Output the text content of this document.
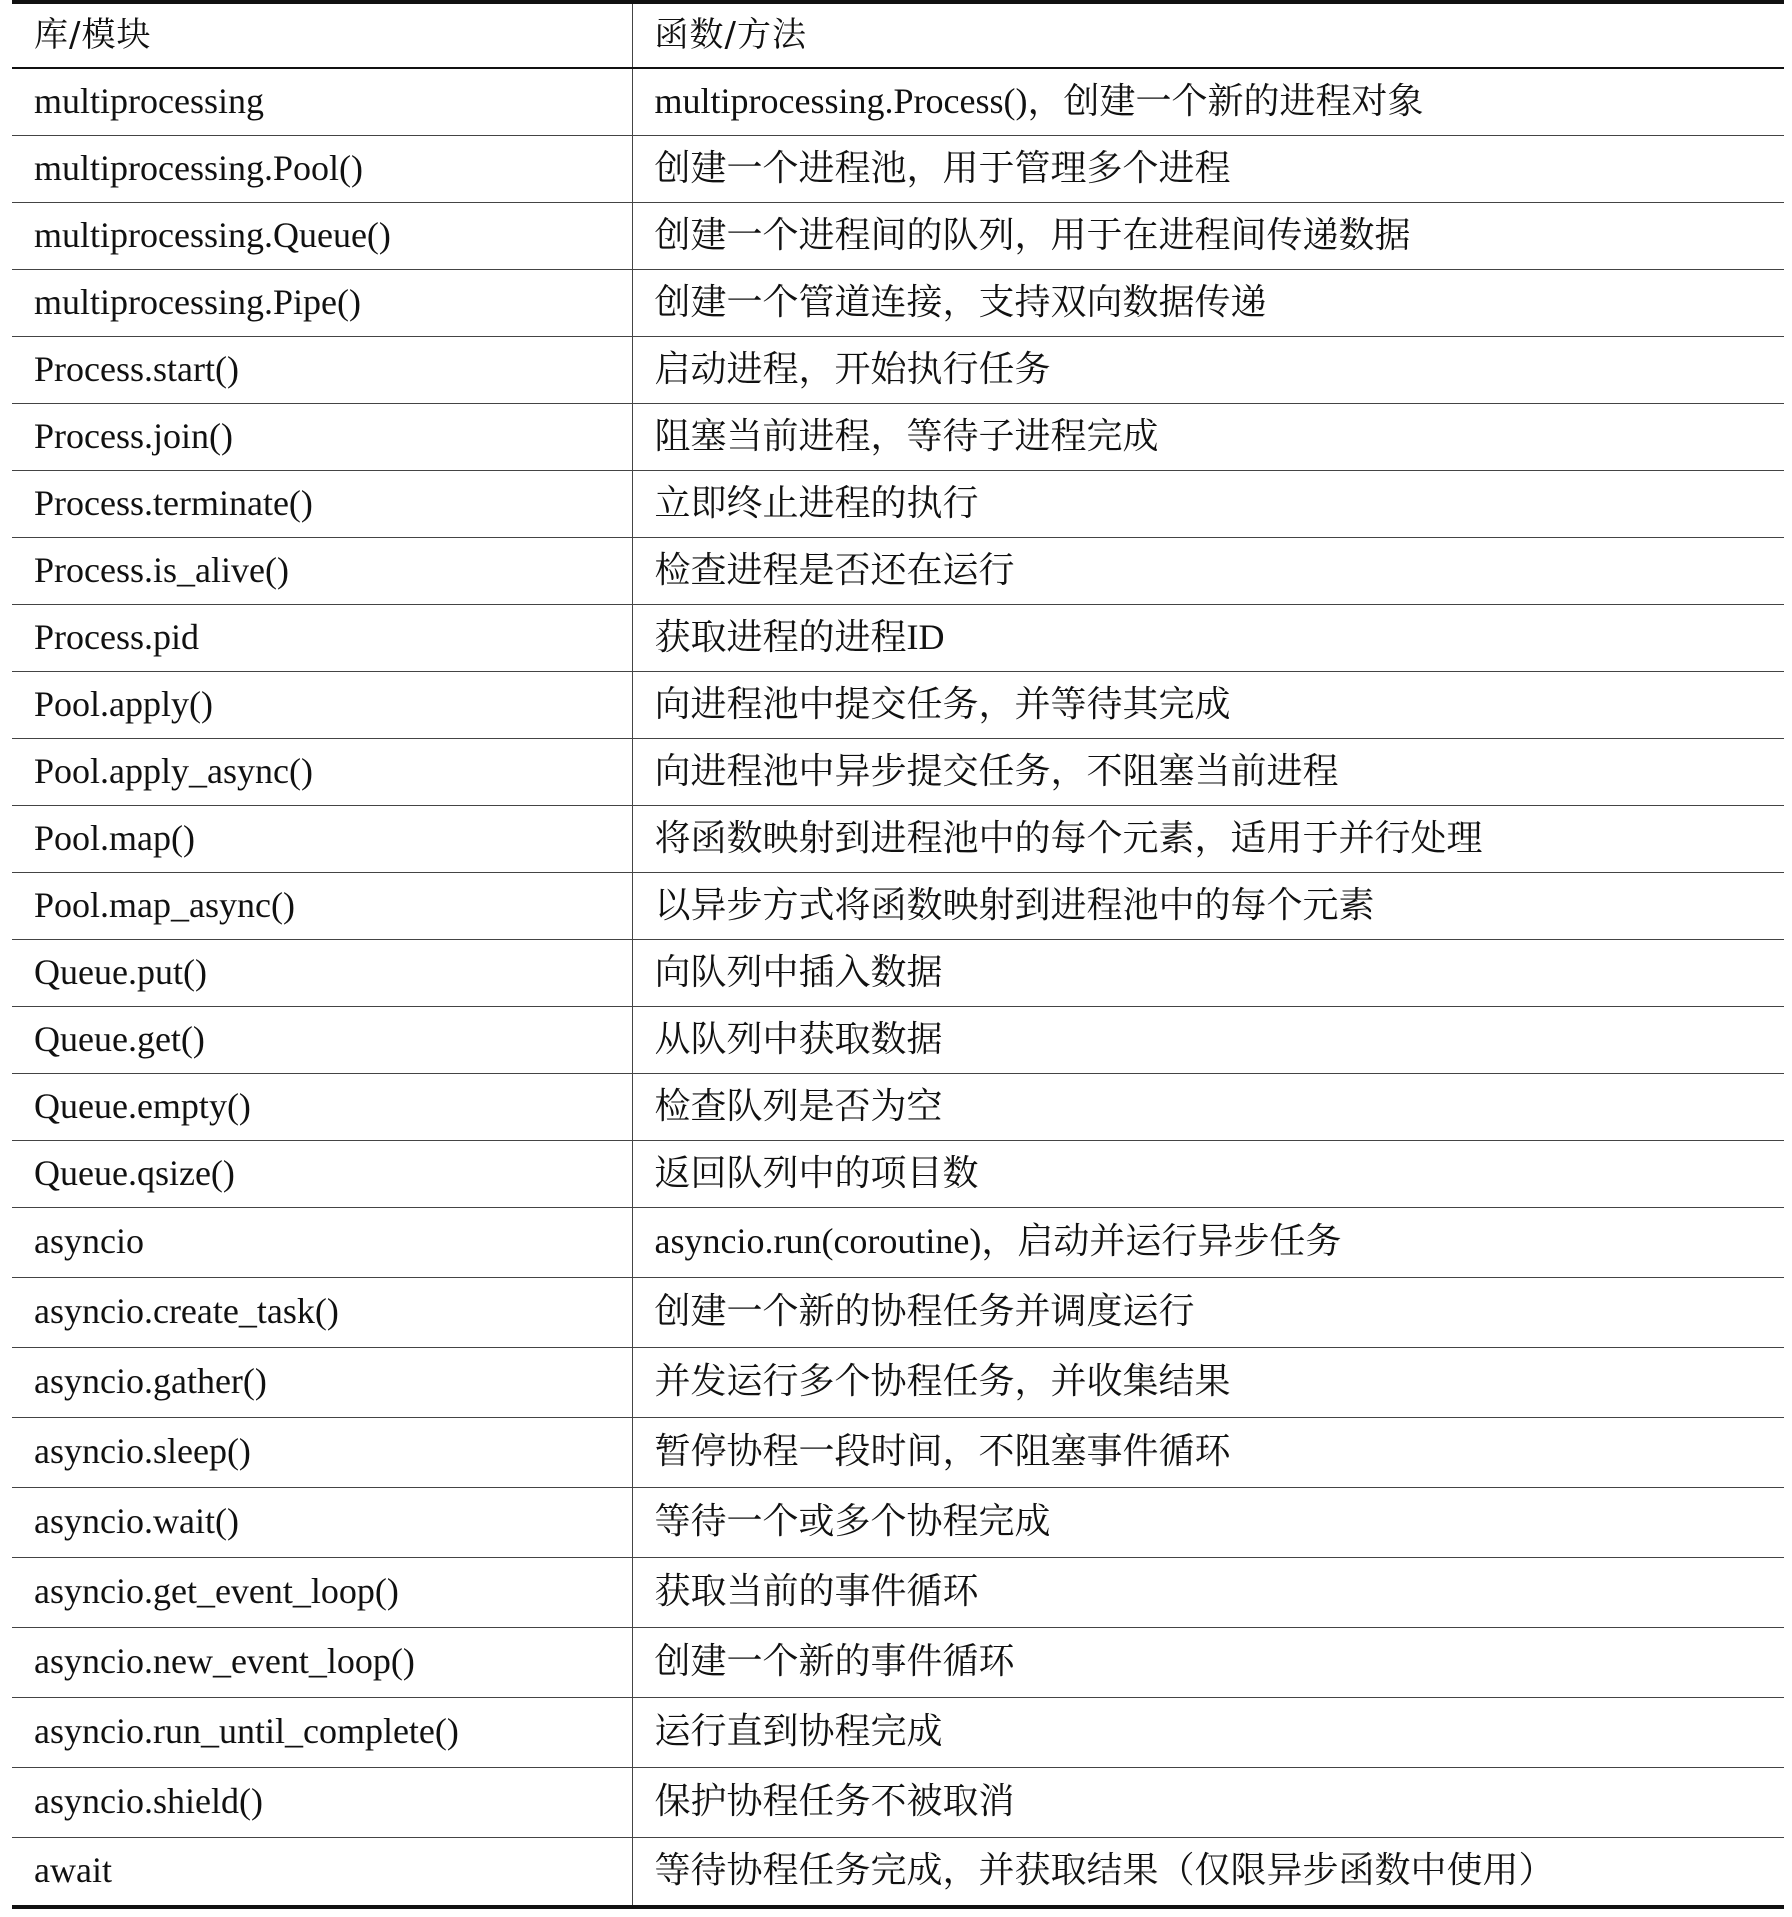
库/模块	函数/方法
multiprocessing	multiprocessing.Process()，创建一个新的进程对象
multiprocessing.Pool()	创建一个进程池，用于管理多个进程
multiprocessing.Queue()	创建一个进程间的队列，用于在进程间传递数据
multiprocessing.Pipe()	创建一个管道连接，支持双向数据传递
Process.start()	启动进程，开始执行任务
Process.join()	阻塞当前进程，等待子进程完成
Process.terminate()	立即终止进程的执行
Process.is_alive()	检查进程是否还在运行
Process.pid	获取进程的进程ID
Pool.apply()	向进程池中提交任务，并等待其完成
Pool.apply_async()	向进程池中异步提交任务，不阻塞当前进程
Pool.map()	将函数映射到进程池中的每个元素，适用于并行处理
Pool.map_async()	以异步方式将函数映射到进程池中的每个元素
Queue.put()	向队列中插入数据
Queue.get()	从队列中获取数据
Queue.empty()	检查队列是否为空
Queue.qsize()	返回队列中的项目数
asyncio	asyncio.run(coroutine)，启动并运行异步任务
asyncio.create_task()	创建一个新的协程任务并调度运行
asyncio.gather()	并发运行多个协程任务，并收集结果
asyncio.sleep()	暂停协程一段时间，不阻塞事件循环
asyncio.wait()	等待一个或多个协程完成
asyncio.get_event_loop()	获取当前的事件循环
asyncio.new_event_loop()	创建一个新的事件循环
asyncio.run_until_complete()	运行直到协程完成
asyncio.shield()	保护协程任务不被取消
await	等待协程任务完成，并获取结果（仅限异步函数中使用）
